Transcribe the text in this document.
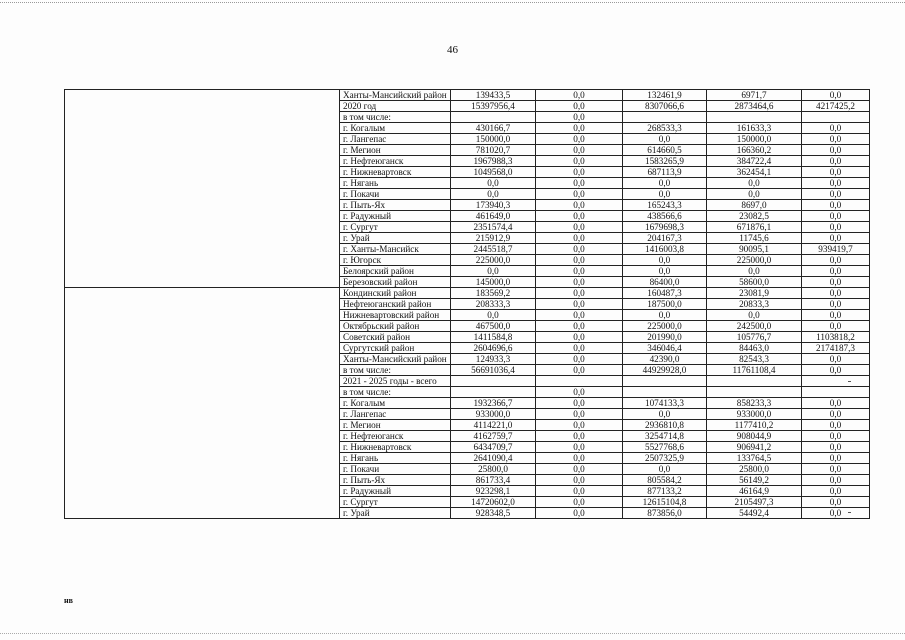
46
	Ханты-Мансийский район	139433,5	0,0	132461,9	6971,7	0,0
	2020 год	15397956,4	0,0	8307066,6	2873464,6	4217425,2
	в том числе:		0,0			
	г. Когалым	430166,7	0,0	268533,3	161633,3	0,0
	г. Лангепас	150000,0	0,0	0,0	150000,0	0,0
	г. Мегион	781020,7	0,0	614660,5	166360,2	0,0
	г. Нефтеюганск	1967988,3	0,0	1583265,9	384722,4	0,0
	г. Нижневартовск	1049568,0	0,0	687113,9	362454,1	0,0
	г. Нягань	0,0	0,0	0,0	0,0	0,0
	г. Покачи	0,0	0,0	0,0	0,0	0,0
	г. Пыть-Ях	173940,3	0,0	165243,3	8697,0	0,0
	г. Радужный	461649,0	0,0	438566,6	23082,5	0,0
	г. Сургут	2351574,4	0,0	1679698,3	671876,1	0,0
	г. Урай	215912,9	0,0	204167,3	11745,6	0,0
	г. Ханты-Мансийск	2445518,7	0,0	1416003,8	90095,1	939419,7
	г. Югорск	225000,0	0,0	0,0	225000,0	0,0
	Белоярский район	0,0	0,0	0,0	0,0	0,0
	Березовский район	145000,0	0,0	86400,0	58600,0	0,0
	Кондинский район	183569,2	0,0	160487,3	23081,9	0,0
	Нефтеюганский район	208333,3	0,0	187500,0	20833,3	0,0
	Нижневартовский район	0,0	0,0	0,0	0,0	0,0
	Октябрьский район	467500,0	0,0	225000,0	242500,0	0,0
	Советский район	1411584,8	0,0	201990,0	105776,7	1103818,2
	Сургутский район	2604696,6	0,0	346046,4	84463,0	2174187,3
	Ханты-Мансийский район	124933,3	0,0	42390,0	82543,3	0,0
	в том числе:	56691036,4	0,0	44929928,0	11761108,4	0,0
	2021 - 2025 годы - всего					
	в том числе:		0,0			
	г. Когалым	1932366,7	0,0	1074133,3	858233,3	0,0
	г. Лангепас	933000,0	0,0	0,0	933000,0	0,0
	г. Мегион	4114221,0	0,0	2936810,8	1177410,2	0,0
	г. Нефтеюганск	4162759,7	0,0	3254714,8	908044,9	0,0
	г. Нижневартовск	6434709,7	0,0	5527768,6	906941,2	0,0
	г. Нягань	2641090,4	0,0	2507325,9	133764,5	0,0
	г. Покачи	25800,0	0,0	0,0	25800,0	0,0
	г. Пыть-Ях	861733,4	0,0	805584,2	56149,2	0,0
	г. Радужный	923298,1	0,0	877133,2	46164,9	0,0
	г. Сургут	14720602,0	0,0	12615104,8	2105497,3	0,0
	г. Урай	928348,5	0,0	873856,0	54492,4	0,0
нв
